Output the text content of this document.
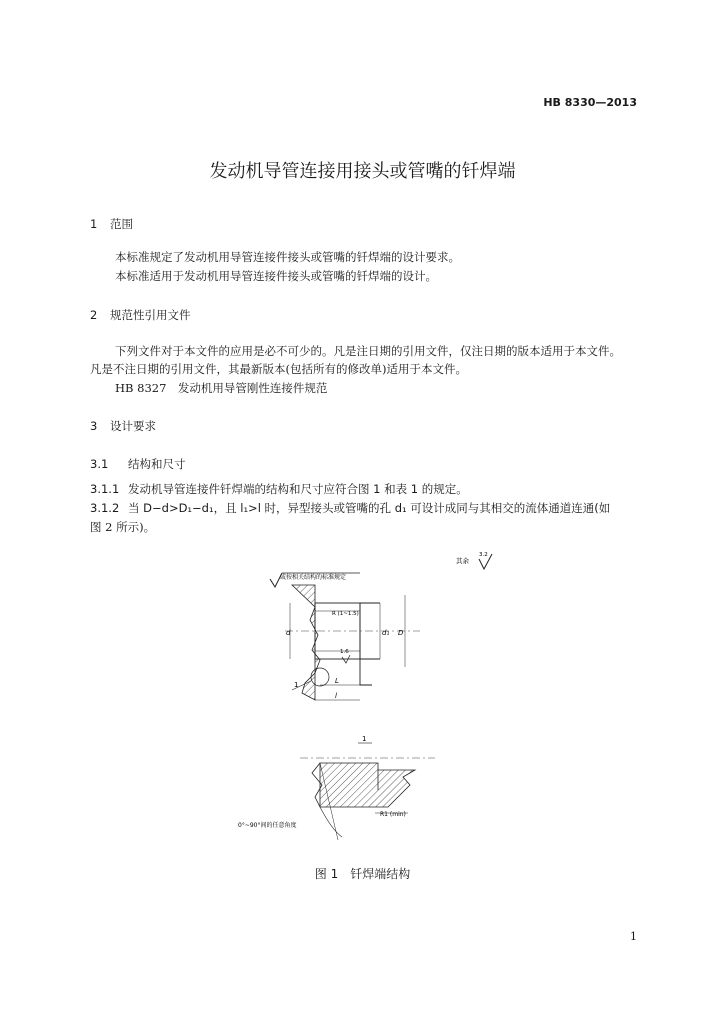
HB 8330—2013
发动机导管连接用接头或管嘴的钎焊端
1 范围
本标准规定了发动机用导管连接件接头或管嘴的钎焊端的设计要求。
本标准适用于发动机用导管连接件接头或管嘴的钎焊端的设计。
2 规范性引用文件
下列文件对于本文件的应用是必不可少的。凡是注日期的引用文件，仅注日期的版本适用于本文件。
凡是不注日期的引用文件，其最新版本(包括所有的修改单)适用于本文件。
HB 8327　发动机用导管刚性连接件规范
3 设计要求
3.1 结构和尺寸
3.1.1 发动机导管连接件钎焊端的结构和尺寸应符合图 1 和表 1 的规定。
3.1.2 当 D−d>D₁−d₁，且 l₁>l 时，异型接头或管嘴的孔 d₁ 可设计成同与其相交的流体通道连通(如
图 2 所示)。
其余
3.2
或按相关结构的标准规定
d	d₁ D
R (1~1.5)
1.6
L
l
1
1
R1 (min)
0°~90°间的任意角度
图 1　钎焊端结构
1
